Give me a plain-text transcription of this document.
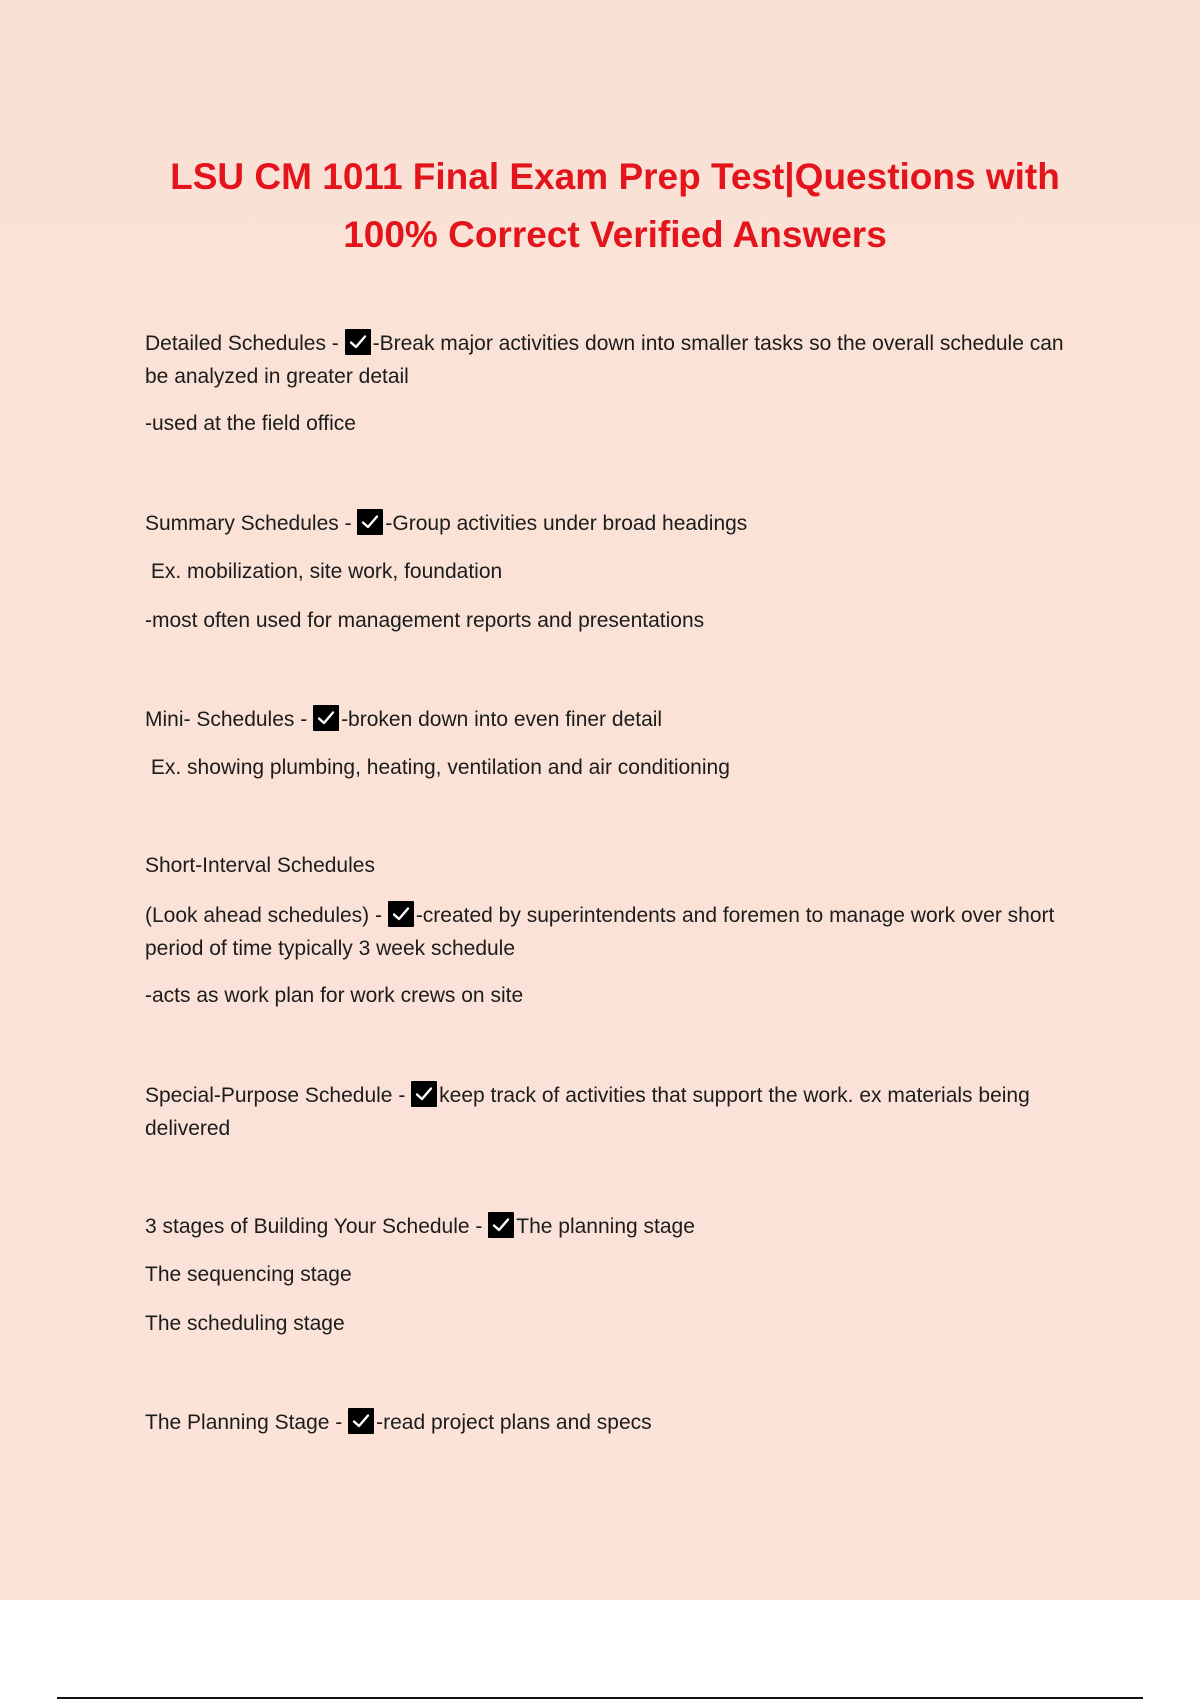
LSU CM 1011 Final Exam Prep Test|Questions with
100% Correct Verified Answers

Detailed Schedules -
-Break major activities down into smaller tasks so the overall schedule can be analyzed in greater detail

-used at the field office

Summary Schedules -
-Group activities under broad headings

Ex. mobilization, site work, foundation

-most often used for management reports and presentations

Mini- Schedules -
-broken down into even finer detail

Ex. showing plumbing, heating, ventilation and air conditioning

Short-Interval Schedules

(Look ahead schedules) -
-created by superintendents and foremen to manage work over short period of time typically 3 week schedule

-acts as work plan for work crews on site

Special-Purpose Schedule -
keep track of activities that support the work. ex materials being delivered

3 stages of Building Your Schedule -
The planning stage

The sequencing stage

The scheduling stage

The Planning Stage -
-read project plans and specs
